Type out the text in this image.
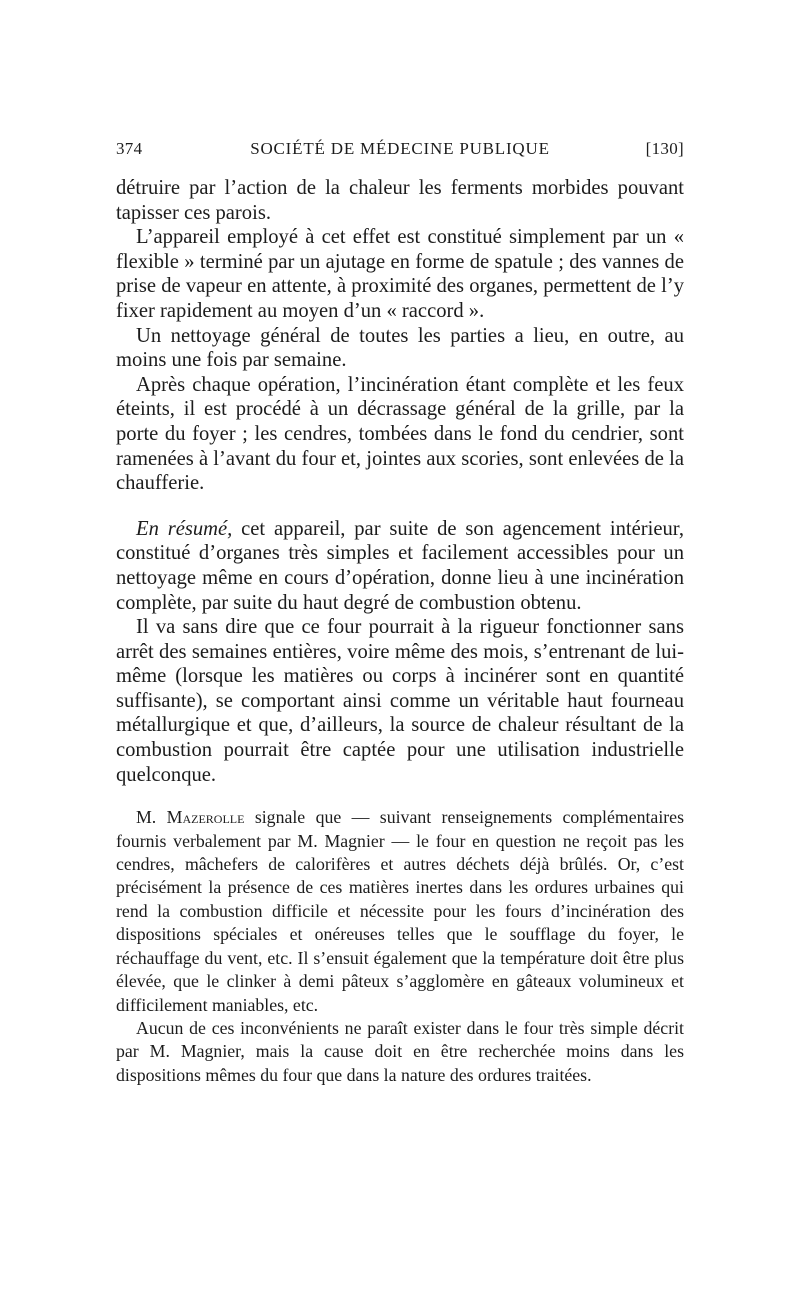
374	SOCIÉTÉ DE MÉDECINE PUBLIQUE	[130]

détruire par l’action de la chaleur les ferments morbides pouvant tapisser ces parois.

L’appareil employé à cet effet est constitué simplement par un « flexible » terminé par un ajutage en forme de spatule ; des vannes de prise de vapeur en attente, à proximité des organes, permettent de l’y fixer rapidement au moyen d’un « raccord ».

Un nettoyage général de toutes les parties a lieu, en outre, au moins une fois par semaine.

Après chaque opération, l’incinération étant complète et les feux éteints, il est procédé à un décrassage général de la grille, par la porte du foyer ; les cendres, tombées dans le fond du cendrier, sont ramenées à l’avant du four et, jointes aux scories, sont enlevées de la chaufferie.

En résumé, cet appareil, par suite de son agencement intérieur, constitué d’organes très simples et facilement accessibles pour un nettoyage même en cours d’opération, donne lieu à une incinération complète, par suite du haut degré de combustion obtenu.

Il va sans dire que ce four pourrait à la rigueur fonctionner sans arrêt des semaines entières, voire même des mois, s’entrenant de lui-même (lorsque les matières ou corps à incinérer sont en quantité suffisante), se comportant ainsi comme un véritable haut fourneau métallurgique et que, d’ailleurs, la source de chaleur résultant de la combustion pourrait être captée pour une utilisation industrielle quelconque.

M. Mazerolle signale que — suivant renseignements complémentaires fournis verbalement par M. Magnier — le four en question ne reçoit pas les cendres, mâchefers de calorifères et autres déchets déjà brûlés. Or, c’est précisément la présence de ces matières inertes dans les ordures urbaines qui rend la combustion difficile et nécessite pour les fours d’incinération des dispositions spéciales et onéreuses telles que le soufflage du foyer, le réchauffage du vent, etc. Il s’ensuit également que la température doit être plus élevée, que le clinker à demi pâteux s’agglomère en gâteaux volumineux et difficilement maniables, etc.

Aucun de ces inconvénients ne paraît exister dans le four très simple décrit par M. Magnier, mais la cause doit en être recherchée moins dans les dispositions mêmes du four que dans la nature des ordures traitées.
